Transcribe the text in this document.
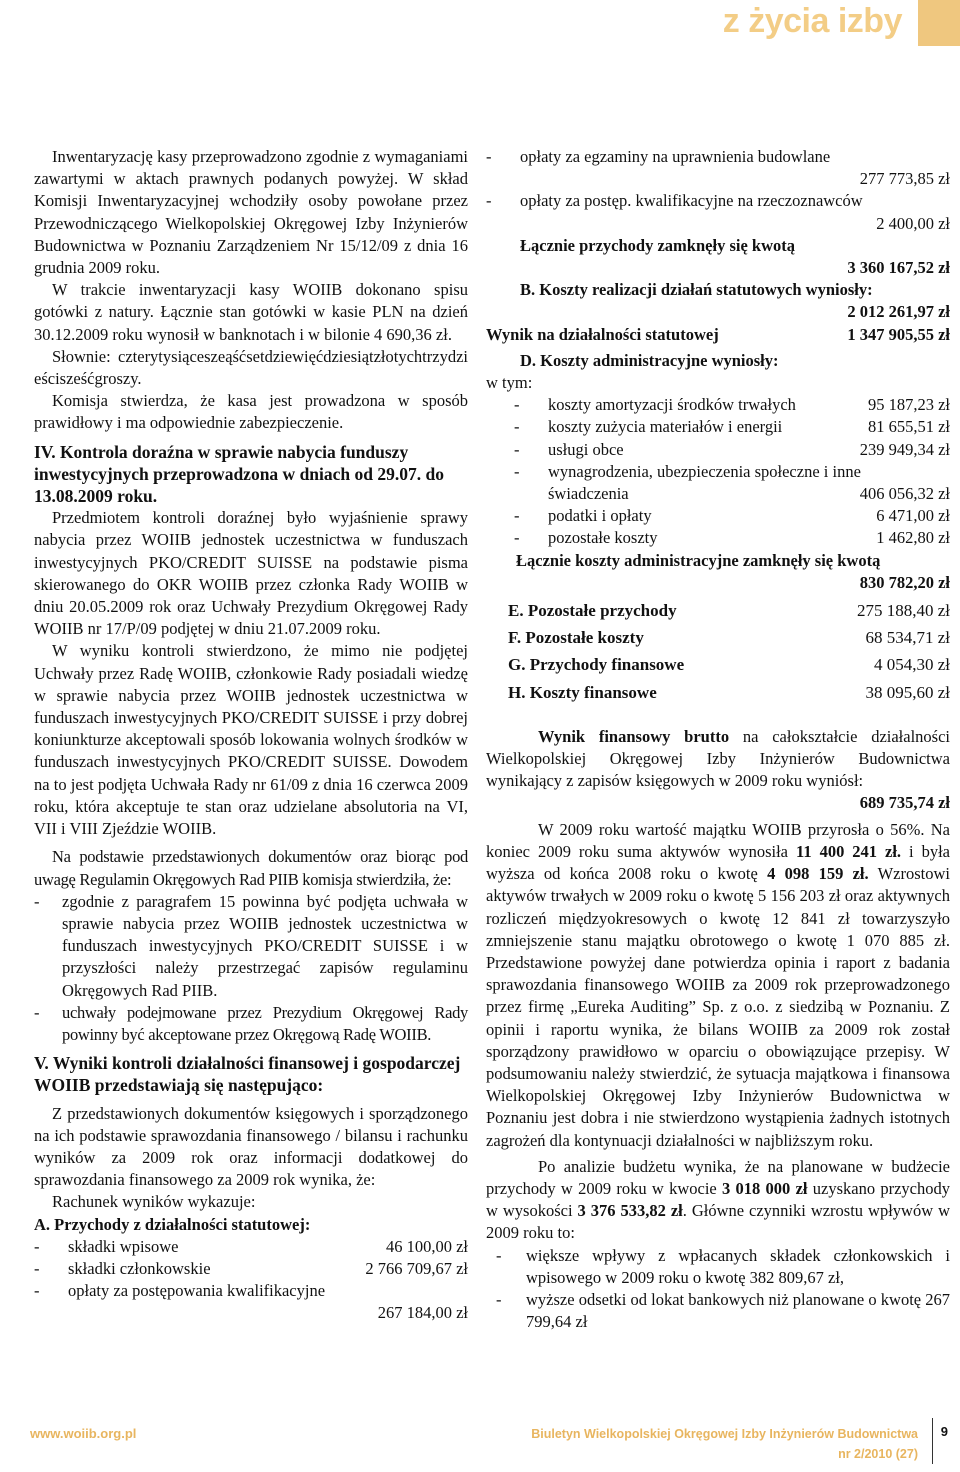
z życia izby

Inwentaryzację kasy przeprowadzono zgodnie z wymaganiami zawartymi w aktach prawnych podanych powyżej. W skład Komisji Inwentaryzacyjnej wchodziły osoby powołane przez Przewodniczącego Wielkopolskiej Okręgowej Izby Inżynierów Budownictwa w Poznaniu Zarządzeniem Nr 15/12/09 z dnia 16 grudnia 2009 roku.

W trakcie inwentaryzacji kasy WOIIB dokonano spisu gotówki z natury. Łącznie stan gotówki w kasie PLN na dzień 30.12.2009 roku wynosił w banknotach i w bilonie 4 690,36 zł.

Słownie: czterytysiąceszeąśćsetdziewięćdziesiątzłotychtrzydzieścisześćgroszy.

Komisja stwierdza, że kasa jest prowadzona w sposób prawidłowy i ma odpowiednie zabezpieczenie.

IV. Kontrola doraźna w sprawie nabycia funduszy inwestycyjnych przeprowadzona w dniach od 29.07. do 13.08.2009 roku.

Przedmiotem kontroli doraźnej było wyjaśnienie sprawy nabycia przez WOIIB jednostek uczestnictwa w funduszach inwestycyjnych PKO/CREDIT SUISSE na podstawie pisma skierowanego do OKR WOIIB przez członka Rady WOIIB w dniu 20.05.2009 rok oraz Uchwały Prezydium Okręgowej Rady WOIIB nr 17/P/09 podjętej w dniu 21.07.2009 roku.

W wyniku kontroli stwierdzono, że mimo nie podjętej Uchwały przez Radę WOIIB, członkowie Rady posiadali wiedzę w sprawie nabycia przez WOIIB jednostek uczestnictwa w funduszach inwestycyjnych PKO/CREDIT SUISSE i przy dobrej koniunkturze akceptowali sposób lokowania wolnych środków w funduszach inwestycyjnych PKO/CREDIT SUISSE. Dowodem na to jest podjęta Uchwała Rady nr 61/09 z dnia 16 czerwca 2009 roku, która akceptuje te stan oraz udzielane absolutoria na VI, VII i VIII Zjeździe WOIIB.

Na podstawie przedstawionych dokumentów oraz biorąc pod uwagę Regulamin Okręgowych Rad PIIB komisja stwierdziła, że:

-	zgodnie z paragrafem 15 powinna być podjęta uchwała w sprawie nabycia przez WOIIB jednostek uczestnictwa w funduszach inwestycyjnych PKO/CREDIT SUISSE i w przyszłości należy przestrzegać zapisów regulaminu Okręgowych Rad PIIB.
-	uchwały podejmowane przez Prezydium Okręgowej Rady powinny być akceptowane przez Okręgową Radę WOIIB.

V. Wyniki kontroli działalności finansowej i gospodarczej WOIIB przedstawiają się następująco:

Z przedstawionych dokumentów księgowych i sporządzonego na ich podstawie sprawozdania finansowego / bilansu i rachunku wyników za 2009 rok oraz informacji dodatkowej do sprawozdania finansowego za 2009 rok wynika, że:

Rachunek wyników wykazuje:

A. Przychody z działalności statutowej:

-	składki wpisowe	46 100,00 zł
-	składki członkowskie	2 766 709,67 zł
-	opłaty za postępowania kwalifikacyjne

267 184,00 zł

-	opłaty za egzaminy na uprawnienia budowlane

277 773,85 zł

-	opłaty za postęp. kwalifikacyjne na rzeczoznawców

2 400,00 zł

Łącznie przychody zamknęły się kwotą

3 360 167,52 zł

B. Koszty realizacji działań statutowych wyniosły:

2 012 261,97 zł

Wynik na działalności statutowej	1 347 905,55 zł

D. Koszty administracyjne wyniosły:

w tym:

-	koszty amortyzacji środków trwałych	95 187,23 zł
-	koszty zużycia materiałów i energii	81 655,51 zł
-	usługi obce	239 949,34 zł
-	wynagrodzenia, ubezpieczenia społeczne i inne
świadczenia	406 056,32 zł
-	podatki i opłaty	6 471,00 zł
-	pozostałe koszty	1 462,80 zł

Łącznie koszty administracyjne zamknęły się kwotą

830 782,20 zł

E. Pozostałe przychody	275 188,40 zł
F. Pozostałe koszty	68 534,71 zł
G. Przychody finansowe	4 054,30 zł
H. Koszty finansowe	38 095,60 zł

Wynik finansowy brutto na całokształcie działalności Wielkopolskiej Okręgowej Izby Inżynierów Budownictwa wynikający z zapisów księgowych w 2009 roku wyniósł:

689 735,74 zł

W 2009 roku wartość majątku WOIIB przyrosła o 56%. Na koniec 2009 roku suma aktywów wynosiła 11 400 241 zł. i była wyższa od końca 2008 roku o kwotę 4 098 159 zł. Wzrostowi aktywów trwałych w 2009 roku o kwotę 5 156 203 zł oraz aktywnych rozliczeń międzyokresowych o kwotę 12 841 zł towarzyszyło zmniejszenie stanu majątku obrotowego o kwotę 1 070 885 zł. Przedstawione powyżej dane potwierdza opinia i raport z badania sprawozdania finansowego WOIIB za 2009 rok przeprowadzonego przez firmę „Eureka Auditing” Sp. z o.o. z siedzibą w Poznaniu. Z opinii i raportu wynika, że bilans WOIIB za 2009 rok został sporządzony prawidłowo w oparciu o obowiązujące przepisy. W podsumowaniu należy stwierdzić, że sytuacja majątkowa i finansowa Wielkopolskiej Okręgowej Izby Inżynierów Budownictwa w Poznaniu jest dobra i nie stwierdzono wystąpienia żadnych istotnych zagrożeń dla kontynuacji działalności w najbliższym roku.

Po analizie budżetu wynika, że na planowane w budżecie przychody w 2009 roku w kwocie 3 018 000 zł uzyskano przychody w wysokości 3 376 533,82 zł. Główne czynniki wzrostu wpływów w 2009 roku to:

-	większe wpływy z wpłacanych składek członkowskich i wpisowego w 2009 roku o kwotę 382 809,67 zł,
-	wyższe odsetki od lokat bankowych niż planowane o kwotę 267 799,64 zł
www.woiib.org.pl	Biuletyn Wielkopolskiej Okręgowej Izby Inżynierów Budownictwa
nr 2/2010 (27)
9
